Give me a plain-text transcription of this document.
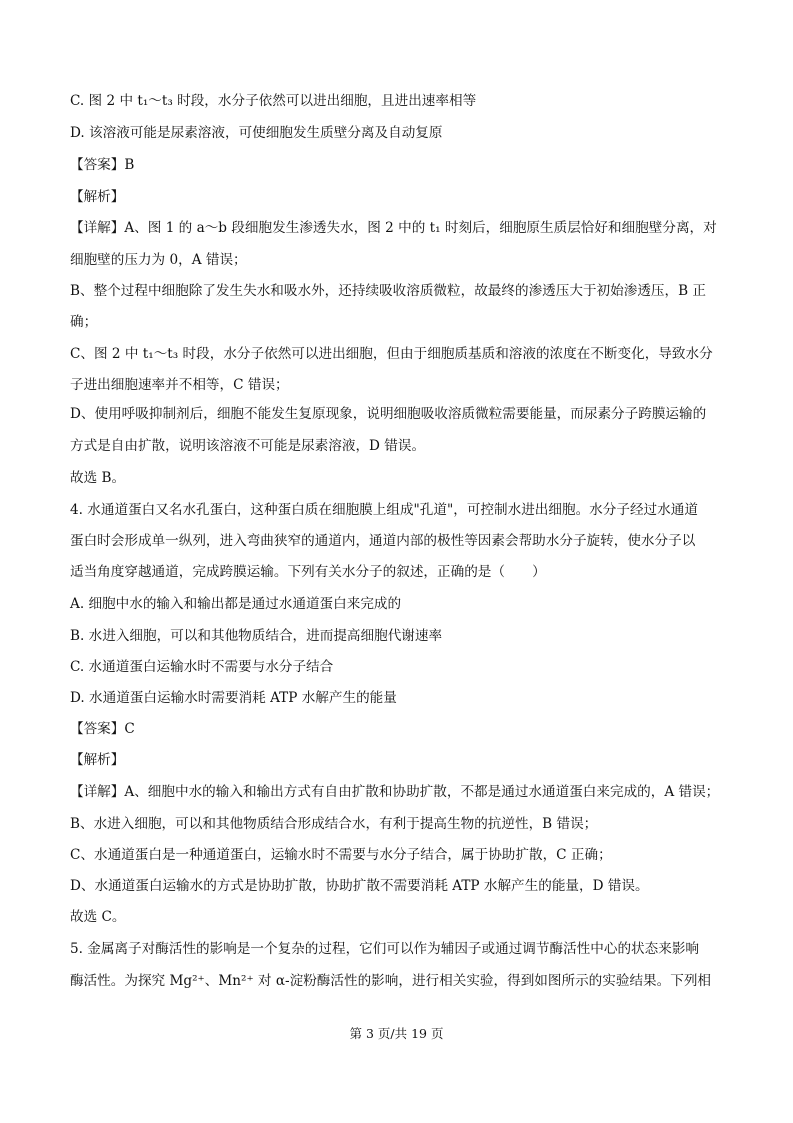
C. 图 2 中 t₁～t₃ 时段，水分子依然可以进出细胞，且进出速率相等
D. 该溶液可能是尿素溶液，可使细胞发生质壁分离及自动复原
【答案】B
【解析】
【详解】A、图 1 的 a～b 段细胞发生渗透失水，图 2 中的 t₁ 时刻后，细胞原生质层恰好和细胞壁分离，对
细胞壁的压力为 0，A 错误；
B、整个过程中细胞除了发生失水和吸水外，还持续吸收溶质微粒，故最终的渗透压大于初始渗透压，B 正
确；
C、图 2 中 t₁～t₃ 时段，水分子依然可以进出细胞，但由于细胞质基质和溶液的浓度在不断变化，导致水分
子进出细胞速率并不相等，C 错误；
D、使用呼吸抑制剂后，细胞不能发生复原现象，说明细胞吸收溶质微粒需要能量，而尿素分子跨膜运输的
方式是自由扩散，说明该溶液不可能是尿素溶液，D 错误。
故选 B。
4. 水通道蛋白又名水孔蛋白，这种蛋白质在细胞膜上组成"孔道"，可控制水进出细胞。水分子经过水通道
蛋白时会形成单一纵列，进入弯曲狭窄的通道内，通道内部的极性等因素会帮助水分子旋转，使水分子以
适当角度穿越通道，完成跨膜运输。下列有关水分子的叙述，正确的是（　　）
A. 细胞中水的输入和输出都是通过水通道蛋白来完成的
B. 水进入细胞，可以和其他物质结合，进而提高细胞代谢速率
C. 水通道蛋白运输水时不需要与水分子结合
D. 水通道蛋白运输水时需要消耗 ATP 水解产生的能量
【答案】C
【解析】
【详解】A、细胞中水的输入和输出方式有自由扩散和协助扩散，不都是通过水通道蛋白来完成的，A 错误；
B、水进入细胞，可以和其他物质结合形成结合水，有利于提高生物的抗逆性，B 错误；
C、水通道蛋白是一种通道蛋白，运输水时不需要与水分子结合，属于协助扩散，C 正确；
D、水通道蛋白运输水的方式是协助扩散，协助扩散不需要消耗 ATP 水解产生的能量，D 错误。
故选 C。
5. 金属离子对酶活性的影响是一个复杂的过程，它们可以作为辅因子或通过调节酶活性中心的状态来影响
酶活性。为探究 Mg²⁺、Mn²⁺ 对 α-淀粉酶活性的影响，进行相关实验，得到如图所示的实验结果。下列相
第 3 页/共 19 页
